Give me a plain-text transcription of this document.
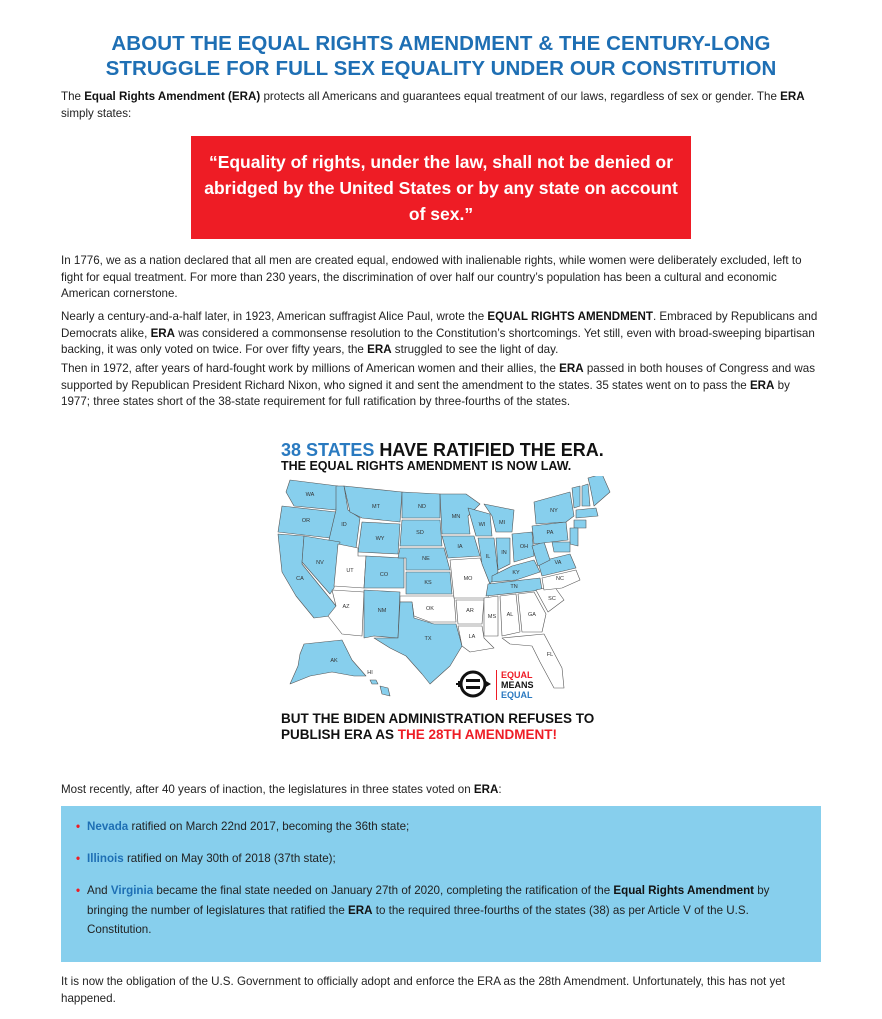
ABOUT THE EQUAL RIGHTS AMENDMENT & THE CENTURY-LONG
STRUGGLE FOR FULL SEX EQUALITY UNDER OUR CONSTITUTION

The Equal Rights Amendment (ERA) protects all Americans and guarantees equal treatment of our laws, regardless of sex or gender. The ERA simply states:

“Equality of rights, under the law, shall not be denied or abridged by the United States or by any state on account of sex.”

In 1776, we as a nation declared that all men are created equal, endowed with inalienable rights, while women were deliberately excluded, left to fight for equal treatment. For more than 230 years, the discrimination of over half our country’s population has been a cultural and economic American cornerstone.

Nearly a century-and-a-half later, in 1923, American suffragist Alice Paul, wrote the EQUAL RIGHTS AMENDMENT. Embraced by Republicans and Democrats alike, ERA was considered a commonsense resolution to the Constitution’s shortcomings. Yet still, even with broad-sweeping bipartisan backing, it was only voted on twice. For over fifty years, the ERA struggled to see the light of day.

Then in 1972, after years of hard-fought work by millions of American women and their allies, the ERA passed in both houses of Congress and was supported by Republican President Richard Nixon, who signed it and sent the amendment to the states. 35 states went on to pass the ERA by 1977; three states short of the 38-state requirement for full ratification by three-fourths of the states.

38 STATES HAVE RATIFIED THE ERA.
THE EQUAL RIGHTS AMENDMENT IS NOW LAW.
WA
OR
ID
MT	ND
MN
WI MI
NY
CA
NV
UT
WY
SD
NE
IA
IL
IN
OH
PA
CO
KS
MO
KY
VA
AZ
NM	OK	AR
TN
NC
SC
MS AL	GA
LA
TX
FL
AK
HI	EQUAL
MEANS
EQUAL
BUT THE BIDEN ADMINISTRATION REFUSES TO
PUBLISH ERA AS THE 28TH AMENDMENT!

Most recently, after 40 years of inaction, the legislatures in three states voted on ERA:

• Nevada ratified on March 22nd 2017, becoming the 36th state;
• Illinois ratified on May 30th of 2018 (37th state);
• And Virginia became the final state needed on January 27th of 2020, completing the ratification of the Equal Rights Amendment by bringing the number of legislatures that ratified the ERA to the required three-fourths of the states (38) as per Article V of the U.S. Constitution.

It is now the obligation of the U.S. Government to officially adopt and enforce the ERA as the 28th Amendment. Unfortunately, this has not yet happened.
